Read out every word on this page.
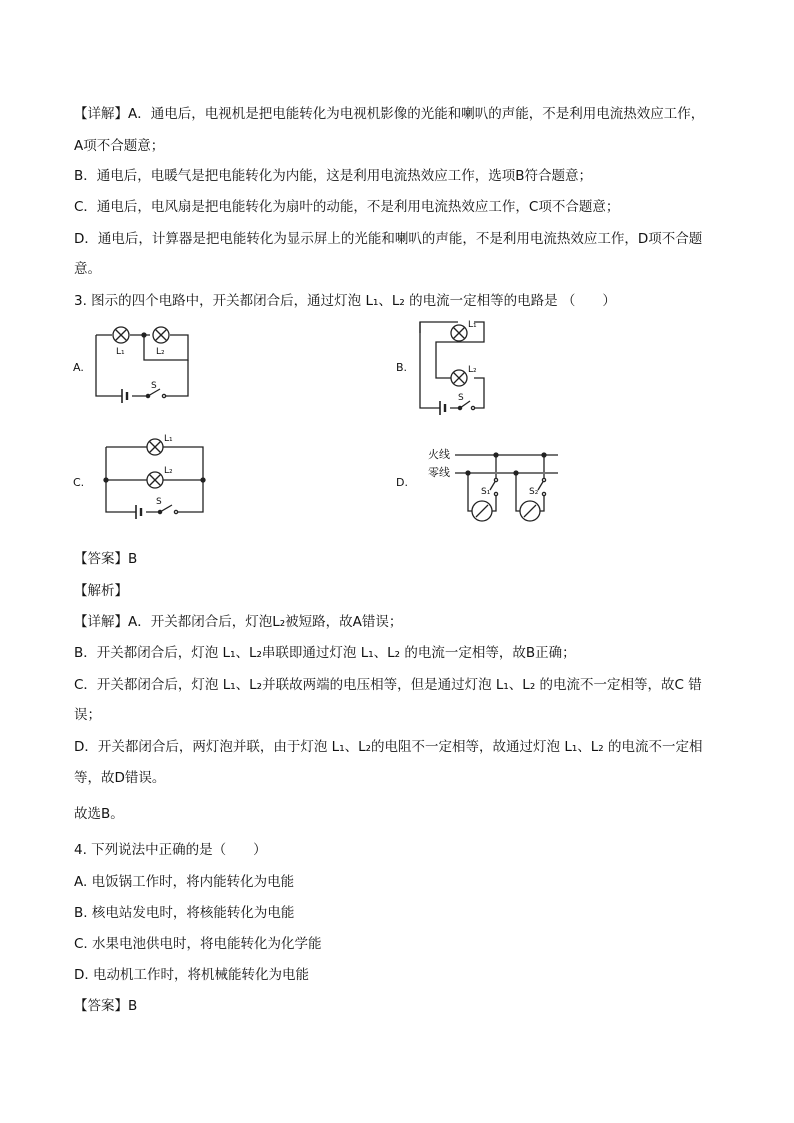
【详解】A．通电后，电视机是把电能转化为电视机影像的光能和喇叭的声能，不是利用电流热效应工作，
A项不合题意；
B．通电后，电暖气是把电能转化为内能，这是利用电流热效应工作，选项B符合题意；
C．通电后，电风扇是把电能转化为扇叶的动能，不是利用电流热效应工作，C项不合题意；
D．通电后，计算器是把电能转化为显示屏上的光能和喇叭的声能，不是利用电流热效应工作，D项不合题
意。
3. 图示的四个电路中，开关都闭合后，通过灯泡 L₁、L₂ 的电流一定相等的电路是 （　　）
L₁	L₂
S
L₁
L₂
S
L₁
L₂
S
S₁	S₂
火线
零线
A.	B.
C.	D.
【答案】B
【解析】
【详解】A．开关都闭合后，灯泡L₂被短路，故A错误；
B．开关都闭合后，灯泡 L₁、L₂串联即通过灯泡 L₁、L₂ 的电流一定相等，故B正确；
C．开关都闭合后，灯泡 L₁、L₂并联故两端的电压相等，但是通过灯泡 L₁、L₂ 的电流不一定相等，故C 错
误；
D．开关都闭合后，两灯泡并联，由于灯泡 L₁、L₂的电阻不一定相等，故通过灯泡 L₁、L₂ 的电流不一定相
等，故D错误。
故选B。
4. 下列说法中正确的是（　　）
A. 电饭锅工作时，将内能转化为电能
B. 核电站发电时，将核能转化为电能
C. 水果电池供电时，将电能转化为化学能
D. 电动机工作时，将机械能转化为电能
【答案】B
